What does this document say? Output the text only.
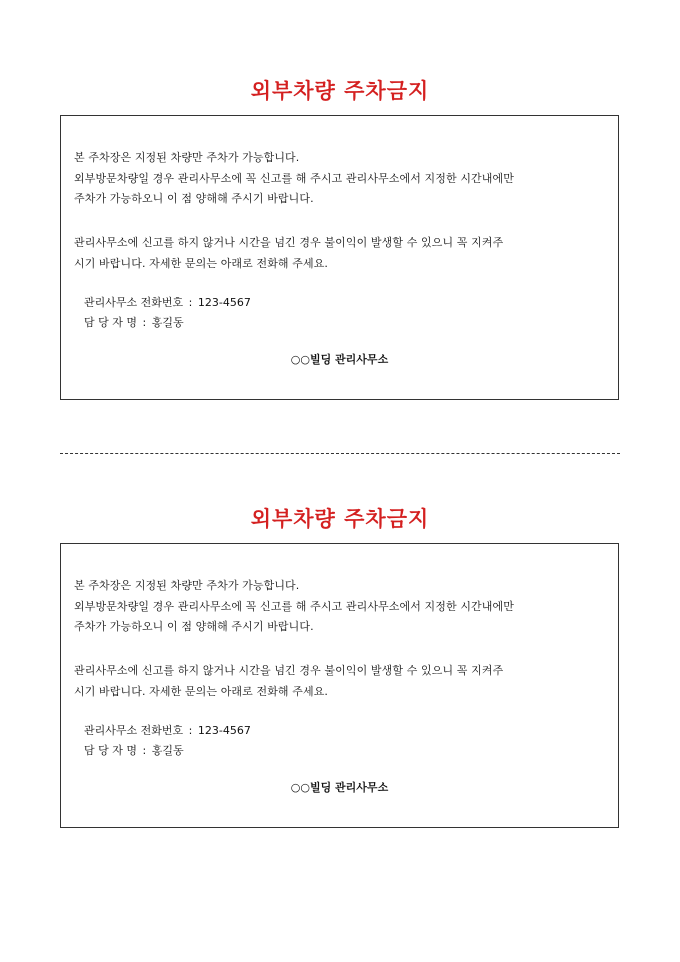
외부차량 주차금지

본 주차장은 지정된 차량만 주차가 가능합니다.

외부방문차량일 경우 관리사무소에 꼭 신고를 해 주시고 관리사무소에서 지정한 시간내에만

주차가 가능하오니 이 점 양해해 주시기 바랍니다.

관리사무소에 신고를 하지 않거나 시간을 넘긴 경우 불이익이 발생할 수 있으니 꼭 지켜주

시기 바랍니다. 자세한 문의는 아래로 전화해 주세요.

관리사무소 전화번호 : 123-4567
담 당 자 명 : 홍길동
○○빌딩 관리사무소
외부차량 주차금지

본 주차장은 지정된 차량만 주차가 가능합니다.

외부방문차량일 경우 관리사무소에 꼭 신고를 해 주시고 관리사무소에서 지정한 시간내에만

주차가 가능하오니 이 점 양해해 주시기 바랍니다.

관리사무소에 신고를 하지 않거나 시간을 넘긴 경우 불이익이 발생할 수 있으니 꼭 지켜주

시기 바랍니다. 자세한 문의는 아래로 전화해 주세요.

관리사무소 전화번호 : 123-4567
담 당 자 명 : 홍길동
○○빌딩 관리사무소
